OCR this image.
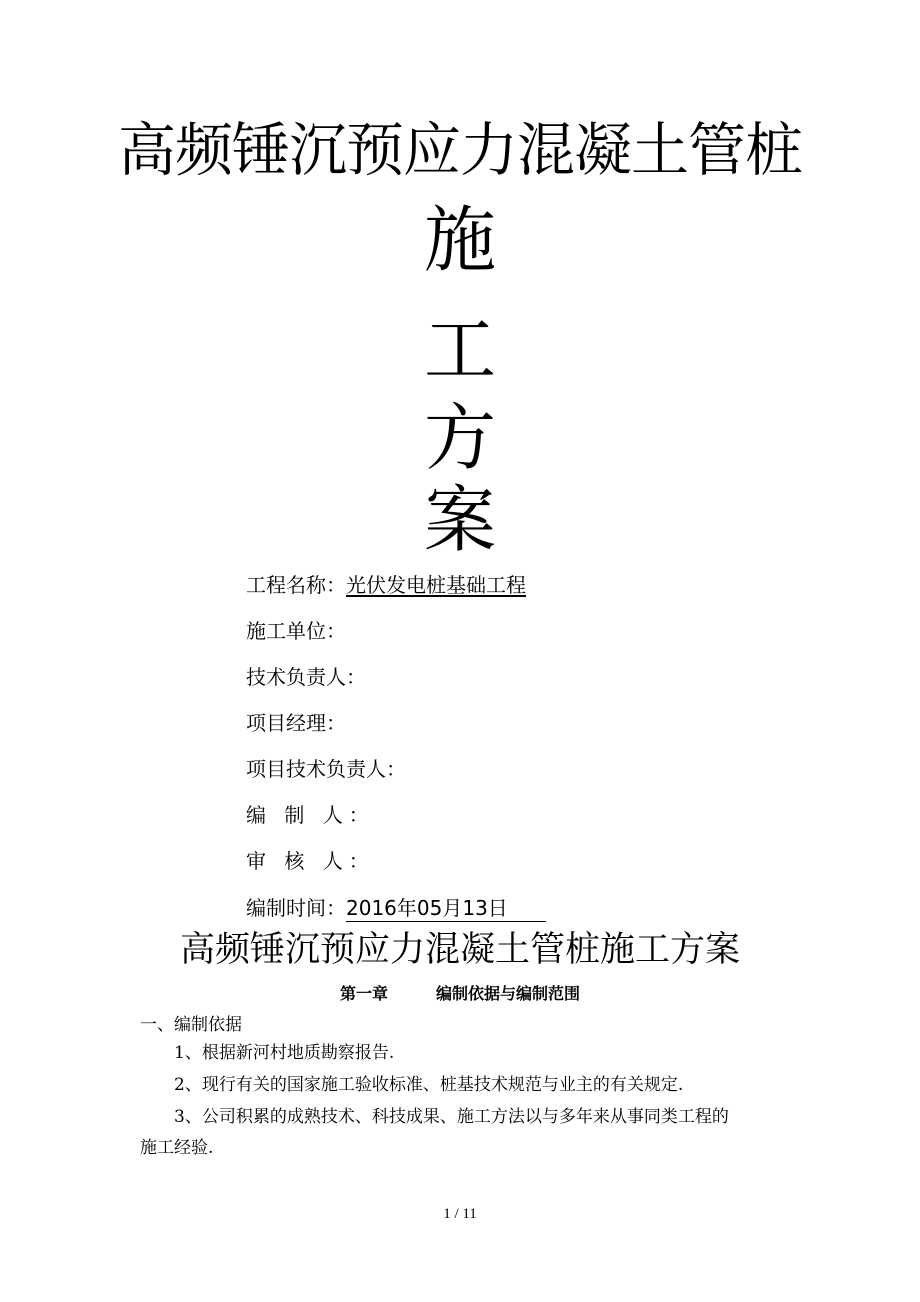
高频锤沉预应力混凝土管桩
施
工
方
案
工程名称：光伏发电桩基础工程
施工单位：
技术负责人：
项目经理：
项目技术负责人：
编 制 人：
审 核 人：
编制时间：2016年05月13日
高频锤沉预应力混凝土管桩施工方案
第一章	编制依据与编制范围
一、编制依据
1、根据新河村地质勘察报告.
2、现行有关的国家施工验收标准、桩基技术规范与业主的有关规定.
3、公司积累的成熟技术、科技成果、施工方法以与多年来从事同类工程的
施工经验.
1 / 11
